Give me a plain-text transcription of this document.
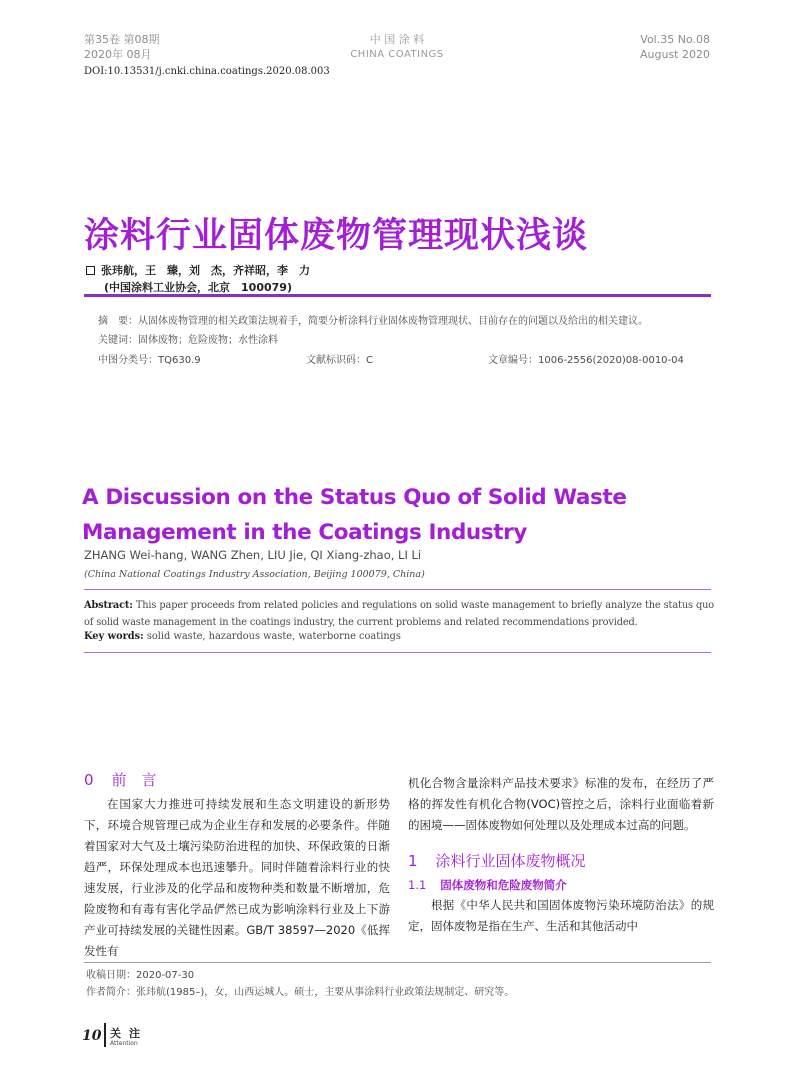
第35卷 第08期
2020年 08月
中 国 涂 料
CHINA COATINGS
Vol.35 No.08
August 2020
DOI:10.13531/j.cnki.china.coatings.2020.08.003
涂料行业固体废物管理现状浅谈
张玮航，王　臻，刘　杰，齐祥昭，李　力
(中国涂料工业协会，北京　100079)
摘　要：从固体废物管理的相关政策法规着手，简要分析涂料行业固体废物管理现状、目前存在的问题以及给出的相关建议。
关键词：固体废物；危险废物；水性涂料
中图分类号：TQ630.9	文献标识码：C	文章编号：1006-2556(2020)08-0010-04
A Discussion on the Status Quo of Solid Waste Management in the Coatings Industry
ZHANG Wei-hang, WANG Zhen, LIU Jie, QI Xiang-zhao, LI Li
(China National Coatings Industry Association, Beijing 100079, China)
Abstract: This paper proceeds from related policies and regulations on solid waste management to briefly analyze the status quo of solid waste management in the coatings industry, the current problems and related recommendations provided.
Key words: solid waste, hazardous waste, waterborne coatings
0 前　言

在国家大力推进可持续发展和生态文明建设的新形势下，环境合规管理已成为企业生存和发展的必要条件。伴随着国家对大气及土壤污染防治进程的加快、环保政策的日渐趋严，环保处理成本也迅速攀升。同时伴随着涂料行业的快速发展，行业涉及的化学品和废物种类和数量不断增加，危险废物和有毒有害化学品俨然已成为影响涂料行业及上下游产业可持续发展的关键性因素。GB/T 38597—2020《低挥发性有

机化合物含量涂料产品技术要求》标准的发布，在经历了严格的挥发性有机化合物(VOC)管控之后，涂料行业面临着新的困境——固体废物如何处理以及处理成本过高的问题。

1 涂料行业固体废物概况
1.1 固体废物和危险废物简介

根据《中华人民共和国固体废物污染环境防治法》的规定，固体废物是指在生产、生活和其他活动中

收稿日期：2020-07-30
作者简介：张玮航(1985–)，女，山西运城人。硕士，主要从事涂料行业政策法规制定、研究等。
10 关注
Attention
